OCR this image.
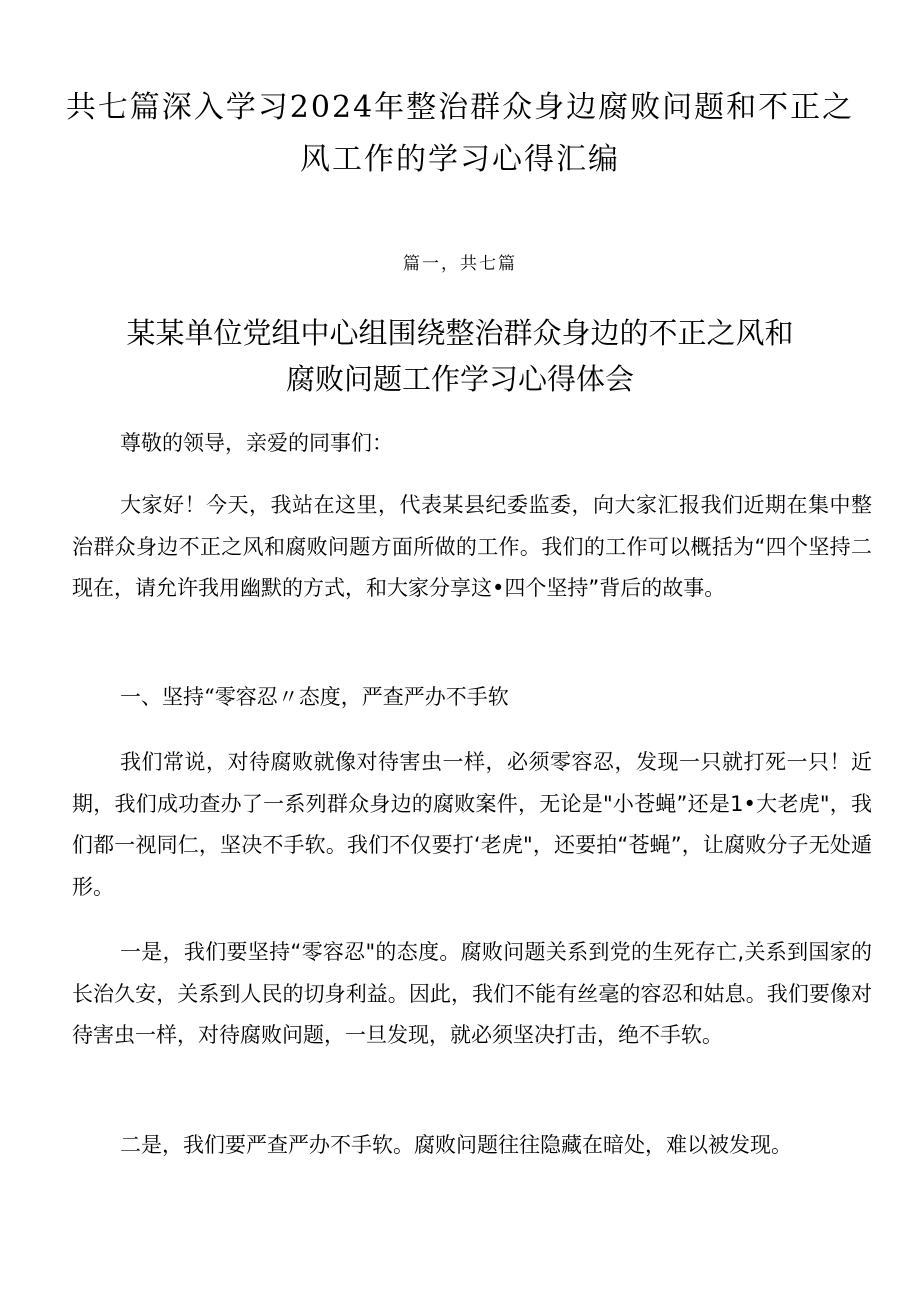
共七篇深入学习2024年整治群众身边腐败问题和不正之风工作的学习心得汇编
篇一，共七篇
某某单位党组中心组围绕整治群众身边的不正之风和腐败问题工作学习心得体会

尊敬的领导，亲爱的同事们：

大家好！今天，我站在这里，代表某县纪委监委，向大家汇报我们近期在集中整治群众身边不正之风和腐败问题方面所做的工作。我们的工作可以概括为“四个坚持二现在，请允许我用幽默的方式，和大家分享这•四个坚持”背后的故事。

一、坚持“零容忍〃态度，严查严办不手软

我们常说，对待腐败就像对待害虫一样，必须零容忍，发现一只就打死一只！近期，我们成功查办了一系列群众身边的腐败案件，无论是"小苍蝇”还是1•大老虎"，我们都一视同仁，坚决不手软。我们不仅要打‘老虎"，还要拍“苍蝇”，让腐败分子无处遁形。

一是，我们要坚持“零容忍"的态度。腐败问题关系到党的生死存亡,关系到国家的长治久安，关系到人民的切身利益。因此，我们不能有丝毫的容忍和姑息。我们要像对待害虫一样，对待腐败问题，一旦发现，就必须坚决打击，绝不手软。

二是，我们要严查严办不手软。腐败问题往往隐藏在暗处，难以被发现。
